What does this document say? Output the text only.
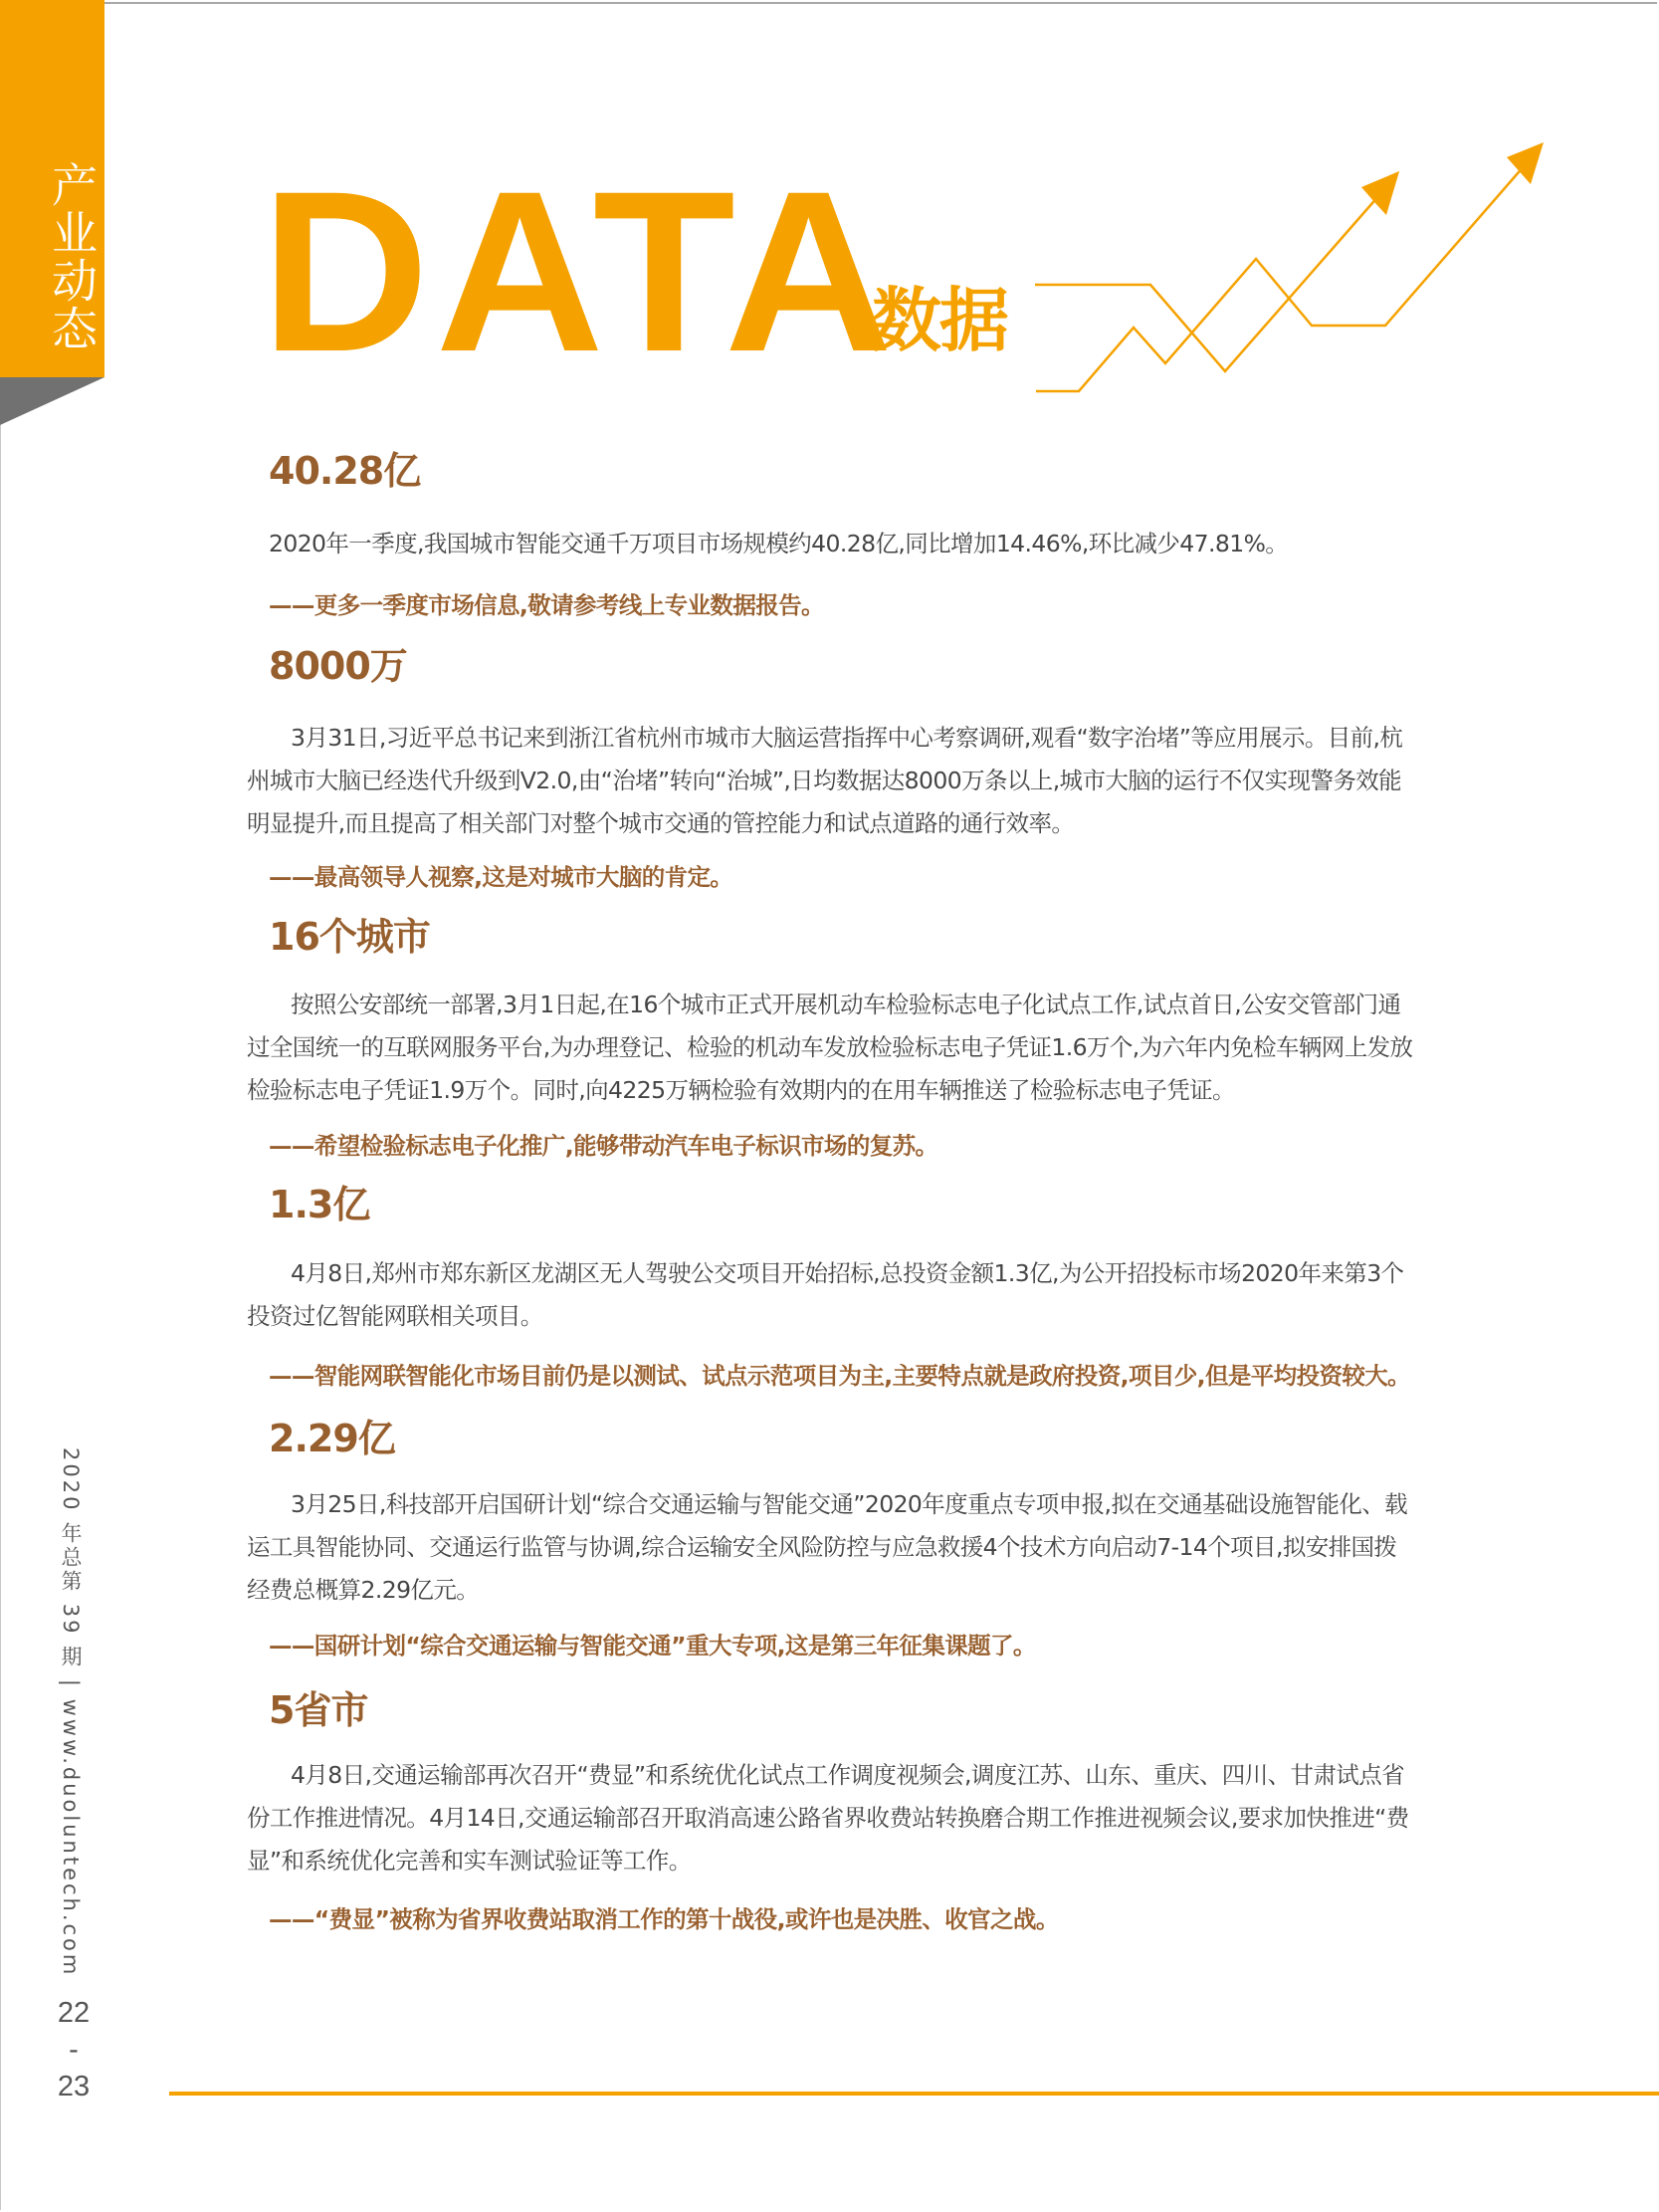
产业动态 DATA
数据
40.28亿

2020年一季度,我国城市智能交通千万项目市场规模约40.28亿,同比增加14.46%,环比减少47.81%。

——更多一季度市场信息,敬请参考线上专业数据报告。

8000万

3月31日,习近平总书记来到浙江省杭州市城市大脑运营指挥中心考察调研,观看“数字治堵”等应用展示。目前,杭州城市大脑已经迭代升级到V2.0,由“治堵”转向“治城”,日均数据达8000万条以上,城市大脑的运行不仅实现警务效能明显提升,而且提高了相关部门对整个城市交通的管控能力和试点道路的通行效率。

——最高领导人视察,这是对城市大脑的肯定。

16个城市

按照公安部统一部署,3月1日起,在16个城市正式开展机动车检验标志电子化试点工作,试点首日,公安交管部门通过全国统一的互联网服务平台,为办理登记、检验的机动车发放检验标志电子凭证1.6万个,为六年内免检车辆网上发放检验标志电子凭证1.9万个。同时,向4225万辆检验有效期内的在用车辆推送了检验标志电子凭证。

——希望检验标志电子化推广,能够带动汽车电子标识市场的复苏。

1.3亿

4月8日,郑州市郑东新区龙湖区无人驾驶公交项目开始招标,总投资金额1.3亿,为公开招投标市场2020年来第3个投资过亿智能网联相关项目。

——智能网联智能化市场目前仍是以测试、试点示范项目为主,主要特点就是政府投资,项目少,但是平均投资较大。

2.29亿

3月25日,科技部开启国研计划“综合交通运输与智能交通”2020年度重点专项申报,拟在交通基础设施智能化、载运工具智能协同、交通运行监管与协调,综合运输安全风险防控与应急救援4个技术方向启动7-14个项目,拟安排国拨经费总概算2.29亿元。

——国研计划“综合交通运输与智能交通”重大专项,这是第三年征集课题了。

5省市

4月8日,交通运输部再次召开“费显”和系统优化试点工作调度视频会,调度江苏、山东、重庆、四川、甘肃试点省份工作推进情况。4月14日,交通运输部召开取消高速公路省界收费站转换磨合期工作推进视频会议,要求加快推进“费显”和系统优化完善和实车测试验证等工作。

——“费显”被称为省界收费站取消工作的第十战役,或许也是决胜、收官之战。

2020 年总第 39 期 | www.duoluntech.com
22
-
23
